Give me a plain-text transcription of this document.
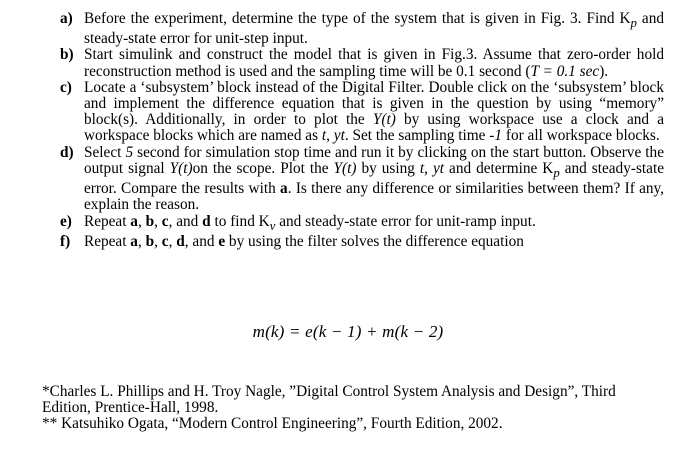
a) Before the experiment, determine the type of the system that is given in Fig. 3. Find $K_p$ and steady-state error for unit-step input.
b) Start simulink and construct the model that is given in Fig.3. Assume that zero-order hold reconstruction method is used and the sampling time will be 0.1 second (T = 0.1 sec).
c) Locate a ‘subsystem’ block instead of the Digital Filter. Double click on the ‘subsystem’ block and implement the difference equation that is given in the question by using “memory” block(s). Additionally, in order to plot the Y(t) by using workspace use a clock and a workspace blocks which are named as t, yt. Set the sampling time -1 for all workspace blocks.
d) Select 5 second for simulation stop time and run it by clicking on the start button. Observe the output signal Y(t)on the scope. Plot the Y(t) by using t, yt and determine $K_p$ and steady-state error. Compare the results with a. Is there any difference or similarities between them? If any, explain the reason.
e) Repeat a, b, c, and d to find $K_v$ and steady-state error for unit-ramp input.
f) Repeat a, b, c, d, and e by using the filter solves the difference equation
m(k) = e(k − 1) + m(k − 2)

*Charles L. Phillips and H. Troy Nagle, ”Digital Control System Analysis and Design”, Third Edition, Prentice-Hall, 1998.

** Katsuhiko Ogata, “Modern Control Engineering”, Fourth Edition, 2002.
